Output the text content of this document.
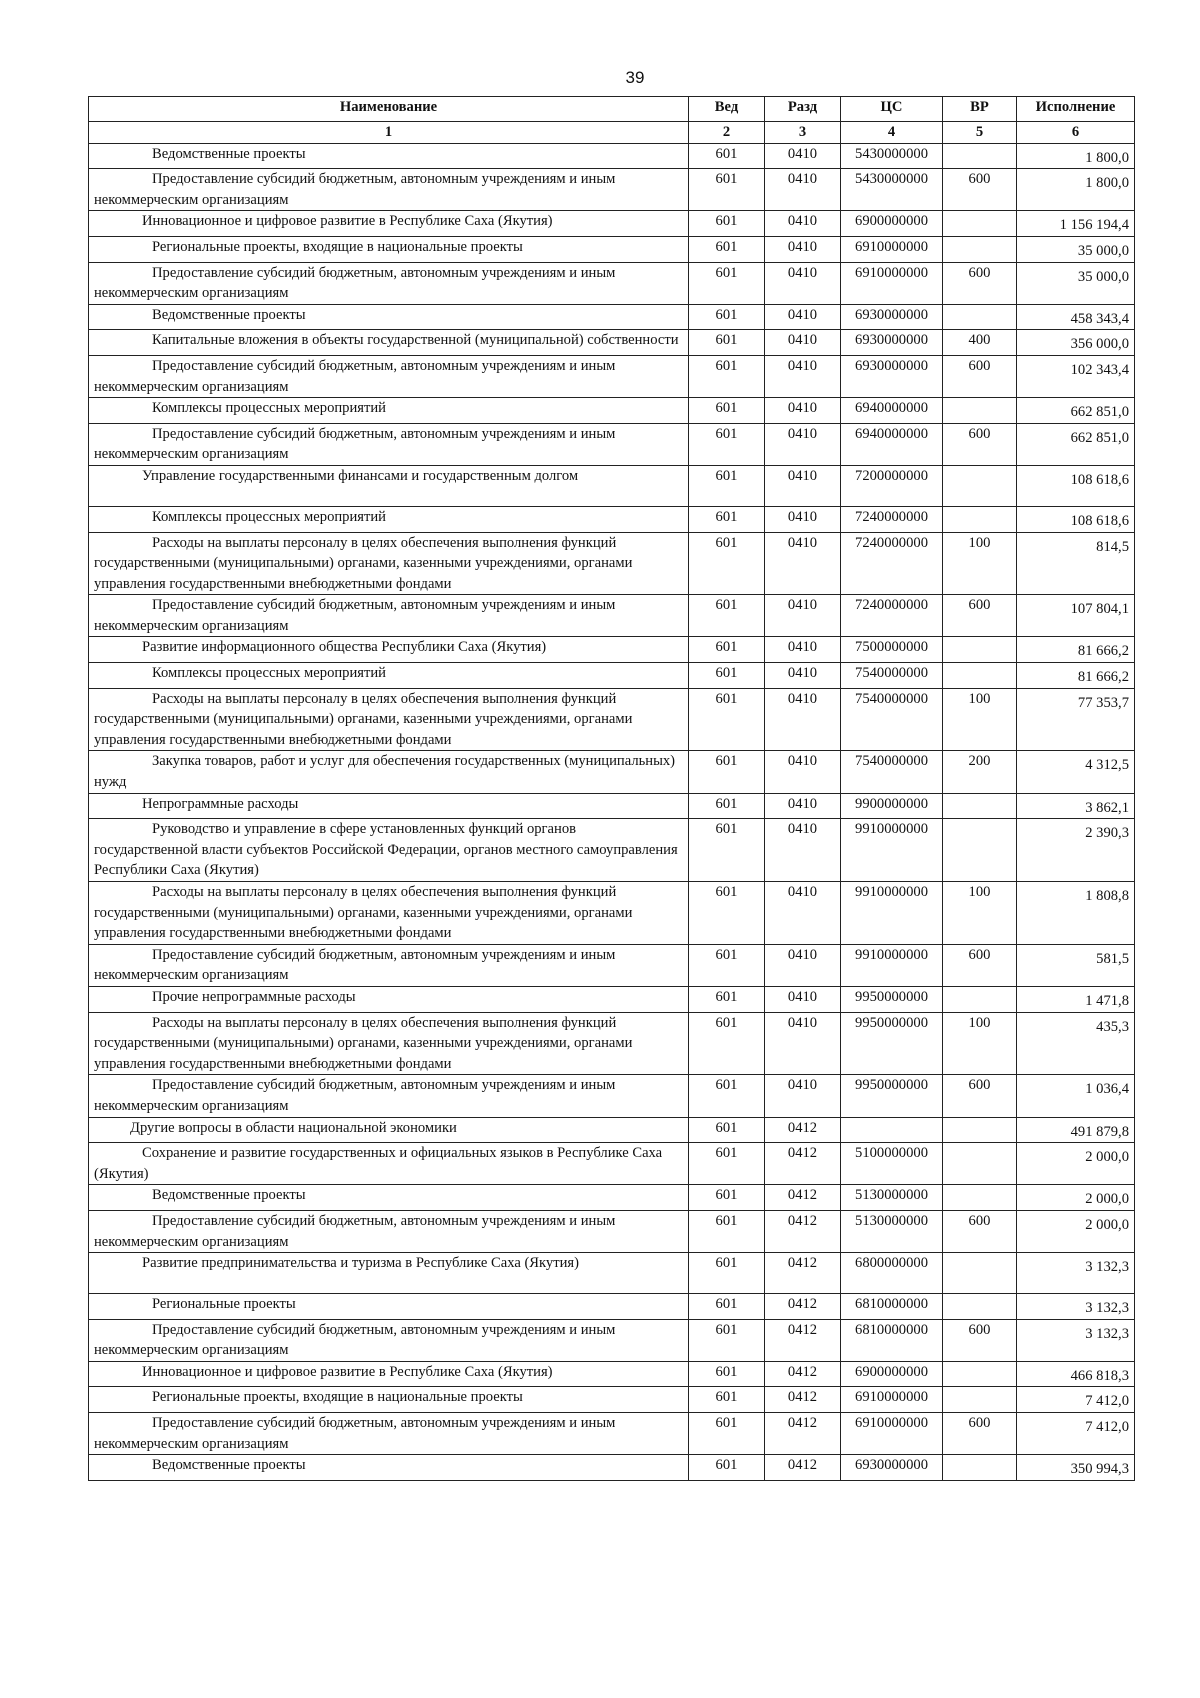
39
Наименование	Вед	Разд	ЦС	ВР	Исполнение
1	2	3	4	5	6
Ведомственные проекты	601	0410	5430000000		1 800,0
Предоставление субсидий бюджетным, автономным учреждениям и иным некоммерческим организациям	601	0410	5430000000	600	1 800,0
Инновационное и цифровое развитие в Республике Саха (Якутия)	601	0410	6900000000		1 156 194,4
Региональные проекты, входящие в национальные проекты	601	0410	6910000000		35 000,0
Предоставление субсидий бюджетным, автономным учреждениям и иным некоммерческим организациям	601	0410	6910000000	600	35 000,0
Ведомственные проекты	601	0410	6930000000		458 343,4
Капитальные вложения в объекты государственной (муниципальной) собственности	601	0410	6930000000	400	356 000,0
Предоставление субсидий бюджетным, автономным учреждениям и иным некоммерческим организациям	601	0410	6930000000	600	102 343,4
Комплексы процессных мероприятий	601	0410	6940000000		662 851,0
Предоставление субсидий бюджетным, автономным учреждениям и иным некоммерческим организациям	601	0410	6940000000	600	662 851,0
Управление государственными финансами и государственным долгом	601	0410	7200000000		108 618,6
Комплексы процессных мероприятий	601	0410	7240000000		108 618,6
Расходы на выплаты персоналу в целях обеспечения выполнения функций государственными (муниципальными) органами, казенными учреждениями, органами управления государственными внебюджетными фондами	601	0410	7240000000	100	814,5
Предоставление субсидий бюджетным, автономным учреждениям и иным некоммерческим организациям	601	0410	7240000000	600	107 804,1
Развитие информационного общества Республики Саха (Якутия)	601	0410	7500000000		81 666,2
Комплексы процессных мероприятий	601	0410	7540000000		81 666,2
Расходы на выплаты персоналу в целях обеспечения выполнения функций государственными (муниципальными) органами, казенными учреждениями, органами управления государственными внебюджетными фондами	601	0410	7540000000	100	77 353,7
Закупка товаров, работ и услуг для обеспечения государственных (муниципальных) нужд	601	0410	7540000000	200	4 312,5
Непрограммные расходы	601	0410	9900000000		3 862,1
Руководство и управление в сфере установленных функций органов государственной власти субъектов Российской Федерации, органов местного самоуправления Республики Саха (Якутия)	601	0410	9910000000		2 390,3
Расходы на выплаты персоналу в целях обеспечения выполнения функций государственными (муниципальными) органами, казенными учреждениями, органами управления государственными внебюджетными фондами	601	0410	9910000000	100	1 808,8
Предоставление субсидий бюджетным, автономным учреждениям и иным некоммерческим организациям	601	0410	9910000000	600	581,5
Прочие непрограммные расходы	601	0410	9950000000		1 471,8
Расходы на выплаты персоналу в целях обеспечения выполнения функций государственными (муниципальными) органами, казенными учреждениями, органами управления государственными внебюджетными фондами	601	0410	9950000000	100	435,3
Предоставление субсидий бюджетным, автономным учреждениям и иным некоммерческим организациям	601	0410	9950000000	600	1 036,4
Другие вопросы в области национальной экономики	601	0412			491 879,8
Сохранение и развитие государственных и официальных языков в Республике Саха (Якутия)	601	0412	5100000000		2 000,0
Ведомственные проекты	601	0412	5130000000		2 000,0
Предоставление субсидий бюджетным, автономным учреждениям и иным некоммерческим организациям	601	0412	5130000000	600	2 000,0
Развитие предпринимательства и туризма в Республике Саха (Якутия)	601	0412	6800000000		3 132,3
Региональные проекты	601	0412	6810000000		3 132,3
Предоставление субсидий бюджетным, автономным учреждениям и иным некоммерческим организациям	601	0412	6810000000	600	3 132,3
Инновационное и цифровое развитие в Республике Саха (Якутия)	601	0412	6900000000		466 818,3
Региональные проекты, входящие в национальные проекты	601	0412	6910000000		7 412,0
Предоставление субсидий бюджетным, автономным учреждениям и иным некоммерческим организациям	601	0412	6910000000	600	7 412,0
Ведомственные проекты	601	0412	6930000000		350 994,3
